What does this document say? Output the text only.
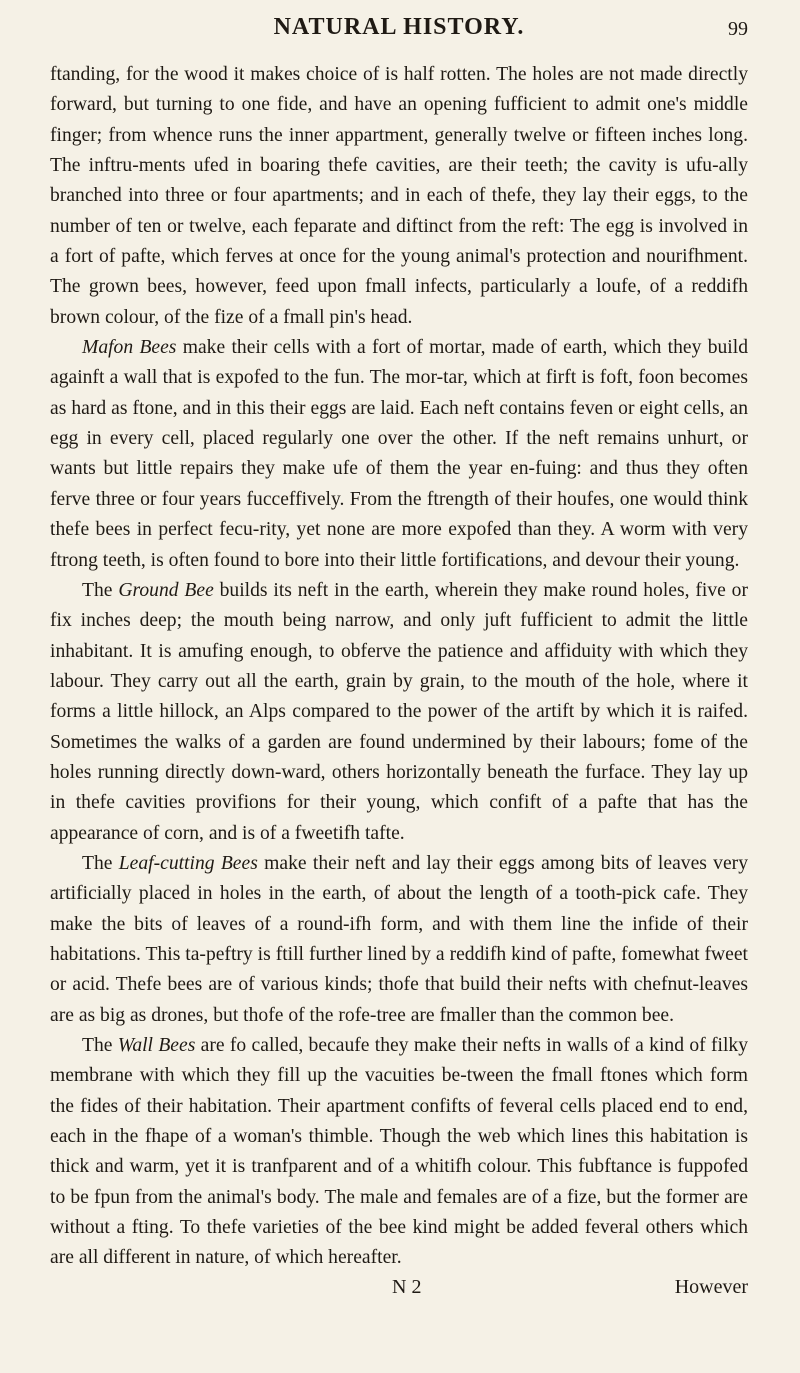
NATURAL HISTORY.	99

ftanding, for the wood it makes choice of is half rotten. The holes are not made directly forward, but turning to one fide, and have an opening fufficient to admit one's middle finger; from whence runs the inner appartment, generally twelve or fifteen inches long. The inftru-ments ufed in boaring thefe cavities, are their teeth; the cavity is ufu-ally branched into three or four apartments; and in each of thefe, they lay their eggs, to the number of ten or twelve, each feparate and diftinct from the reft: The egg is involved in a fort of pafte, which ferves at once for the young animal's protection and nourifhment. The grown bees, however, feed upon fmall infects, particularly a loufe, of a reddifh brown colour, of the fize of a fmall pin's head.

Mafon Bees make their cells with a fort of mortar, made of earth, which they build againft a wall that is expofed to the fun. The mor-tar, which at firft is foft, foon becomes as hard as ftone, and in this their eggs are laid. Each neft contains feven or eight cells, an egg in every cell, placed regularly one over the other. If the neft remains unhurt, or wants but little repairs they make ufe of them the year en-fuing: and thus they often ferve three or four years fucceffively. From the ftrength of their houfes, one would think thefe bees in perfect fecu-rity, yet none are more expofed than they. A worm with very ftrong teeth, is often found to bore into their little fortifications, and devour their young.

The Ground Bee builds its neft in the earth, wherein they make round holes, five or fix inches deep; the mouth being narrow, and only juft fufficient to admit the little inhabitant. It is amufing enough, to obferve the patience and affiduity with which they labour. They carry out all the earth, grain by grain, to the mouth of the hole, where it forms a little hillock, an Alps compared to the power of the artift by which it is raifed. Sometimes the walks of a garden are found undermined by their labours; fome of the holes running directly down-ward, others horizontally beneath the furface. They lay up in thefe cavities provifions for their young, which confift of a pafte that has the appearance of corn, and is of a fweetifh tafte.

The Leaf-cutting Bees make their neft and lay their eggs among bits of leaves very artificially placed in holes in the earth, of about the length of a tooth-pick cafe. They make the bits of leaves of a round-ifh form, and with them line the infide of their habitations. This ta-peftry is ftill further lined by a reddifh kind of pafte, fomewhat fweet or acid. Thefe bees are of various kinds; thofe that build their nefts with chefnut-leaves are as big as drones, but thofe of the rofe-tree are fmaller than the common bee.

The Wall Bees are fo called, becaufe they make their nefts in walls of a kind of filky membrane with which they fill up the vacuities be-tween the fmall ftones which form the fides of their habitation. Their apartment confifts of feveral cells placed end to end, each in the fhape of a woman's thimble. Though the web which lines this habitation is thick and warm, yet it is tranfparent and of a whitifh colour. This fubftance is fuppofed to be fpun from the animal's body. The male and females are of a fize, but the former are without a fting. To thefe varieties of the bee kind might be added feveral others which are all different in nature, of which hereafter.

N 2	However
